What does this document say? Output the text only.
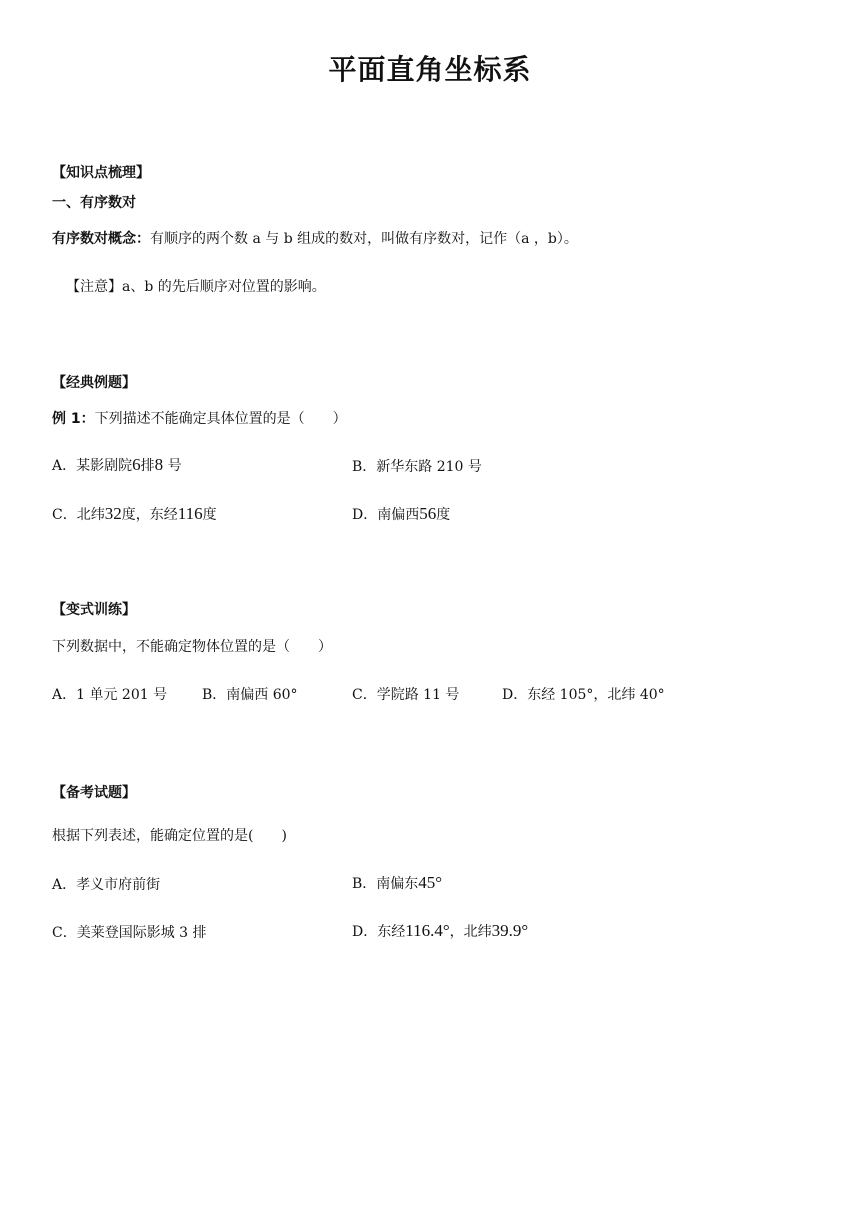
平面直角坐标系
【知识点梳理】
一、有序数对
有序数对概念：有顺序的两个数 a 与 b 组成的数对，叫做有序数对，记作（a ，b）。
【注意】a、b 的先后顺序对位置的影响。
【经典例题】
例 1：下列描述不能确定具体位置的是（　　）
A．某影剧院6排8 号	B．新华东路 210 号
C．北纬32度，东经116度	D．南偏西56度
【变式训练】
下列数据中，不能确定物体位置的是（　　）
A．1 单元 201 号 B．南偏西 60°	C．学院路 11 号	D．东经 105°，北纬 40°
【备考试题】
根据下列表述，能确定位置的是(　　)
A．孝义市府前街	B．南偏东45°
C．美莱登国际影城 3 排	D．东经116.4°，北纬39.9°
